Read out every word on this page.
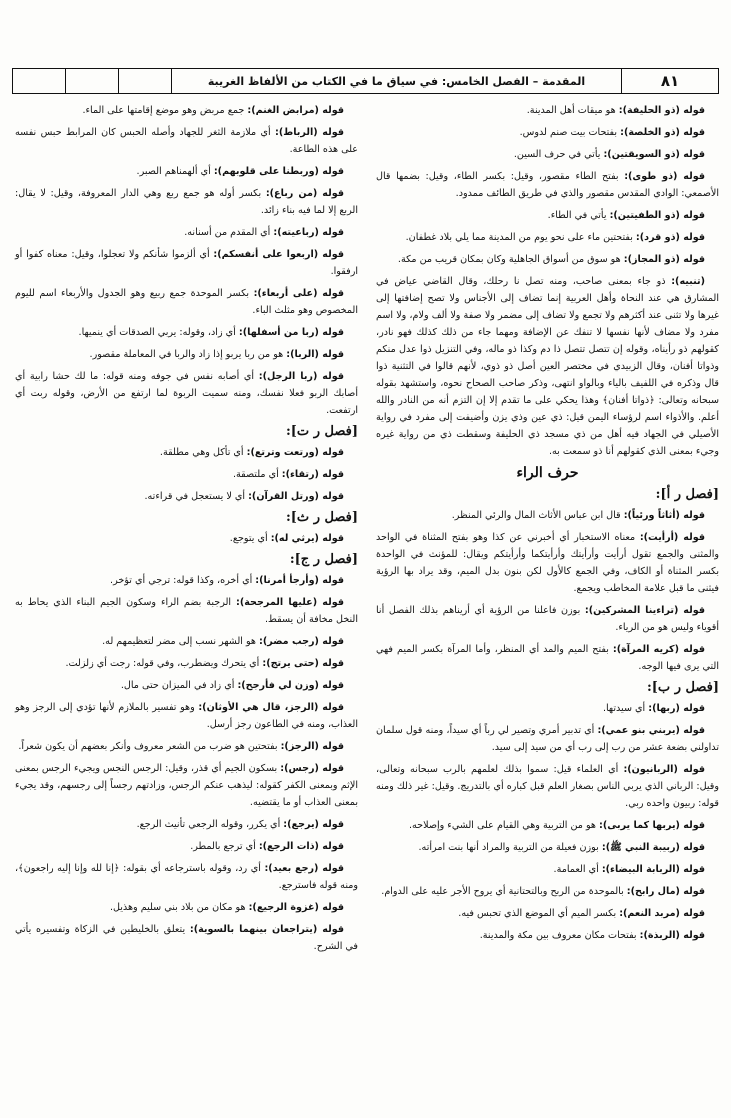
٨١
المقدمة – الفصل الخامس: في سياق ما في الكتاب من الألفاظ الغريبة

قوله (ذو الحليفة): هو ميقات أهل المدينة.

قوله (ذو الخلصة): بفتحات بيت صنم لدوس.

قوله (ذو السويقتين): يأتي في حرف السين.

قوله (ذو طوى): بفتح الطاء مقصور، وقيل: بكسر الطاء، وقيل: بضمها قال الأصمعي: الوادي المقدس مقصور والذي في طريق الطائف ممدود.

قوله (ذو الطفيتين): يأتي في الطاء.

قوله (ذو قرد): بفتحتين ماء على نحو يوم من المدينة مما يلي بلاد غطفان.

قوله (ذو المجاز): هو سوق من أسواق الجاهلية وكان بمكان قريب من مكة.

(تنبيه): ذو جاء بمعنى صاحب، ومنه تصل نا رحلك، وقال القاضي عياض في المشارق هي عند النحاة وأهل العربية إنما تضاف إلى الأجناس ولا تصح إضافتها إلى غيرها ولا تثنى عند أكثرهم ولا تجمع ولا تضاف إلى مضمر ولا صفة ولا ألف ولام، ولا اسم مفرد ولا مضاف لأنها نفسها لا تنفك عن الإضافة ومهما جاء من ذلك كذلك فهو نادر، كقولهم ذو رأيناه، وقوله إن تتصل تتصل ذا دم وكذا ذو ماله، وفي التنزيل ذوا عدل منكم وذواتا أفنان، وقال الزبيدي في مختصر العين أصل ذو ذوي، لأنهم قالوا في التثنية ذوا قال وذكره في اللفيف بالياء وبالواو انتهى، وذكر صاحب الصحاح نحوه، واستشهد بقوله سبحانه وتعالى: ﴿ذواتا أفنان﴾ وهذا يحكي على ما تقدم إلا إن التزم أنه من النادر والله أعلم. والأذواء اسم لرؤساء اليمن قيل: ذي عين وذي يزن وأضيفت إلى مفرد في رواية الأصيلي في الجهاد فيه أهل من ذي مسجد ذي الحليفة وسقطت ذي من رواية غيره وجيء بمعنى الذي كقولهم أنا ذو سمعت به.

حرف الراء
[فصل ر أ]:

قوله (أثاثاً ورئياً): قال ابن عباس الأثاث المال والرئي المنظر.

قوله (أرأيت): معناه الاستخبار أي أخبرني عن كذا وهو بفتح المثناة في الواحد والمثنى والجمع تقول أرأيت وأرأيتك وأرأيتكما وأرأيتكم ويقال: للمؤنث في الواحدة بكسر المثناة أو الكاف، وفي الجمع كالأول لكن بنون بدل الميم، وقد يراد بها الرؤية فيثنى ما قبل علامة المخاطب ويجمع.

قوله (تراءينا المشركين): بوزن فاعلنا من الرؤية أي أريناهم بذلك الفصل أنا أقوياء وليس هو من الرياء.

قوله (كريه المرآة): بفتح الميم والمد أي المنظر، وأما المرآة بكسر الميم فهي التي يرى فيها الوجه.

[فصل ر ب]:

قوله (ربها): أي سيدتها.

قوله (يربني بنو عمي): أي تدبير أمري وتصير لي رباً أي سيداً، ومنه قول سلمان تداولني بضعة عشر من رب إلى رب أي من سيد إلى سيد.

قوله (الربانيون): أي العلماء قيل: سموا بذلك لعلمهم بالرب سبحانه وتعالى، وقيل: الرباني الذي يربي الناس بصغار العلم قبل كباره أي بالتدريج. وقيل: غير ذلك ومنه قوله: ربيون واحده ربي.

قوله (يربها كما يربى): هو من التربية وهي القيام على الشيء وإصلاحه.

قوله (ربيبة النبي ﷺ): بوزن فعيلة من التربية والمراد أنها بنت امرأته.

قوله (الربابة البيضاء): أي العمامة.

قوله (مال رابح): بالموحدة من الربح وبالتحتانية أي يروح الأجر عليه على الدوام.

قوله (مربد النعم): بكسر الميم أي الموضع الذي تحبس فيه.

قوله (الربذة): بفتحات مكان معروف بين مكة والمدينة.

قوله (مرابض الغنم): جمع مربض وهو موضع إقامتها على الماء.

قوله (الرباط): أي ملازمة الثغر للجهاد وأصله الحبس كان المرابط حبس نفسه على هذه الطاعة.

قوله (وربطنا على قلوبهم): أي ألهمناهم الصبر.

قوله (من رباع): بكسر أوله هو جمع ربع وهي الدار المعروفة، وقيل: لا يقال: الربع إلا لما فيه بناء زائد.

قوله (رباعيته): أي المقدم من أسنانه.

قوله (اربعوا على أنفسكم): أي ألزموا شأنكم ولا تعجلوا، وقيل: معناه كفوا أو ارفقوا.

قوله (على أربعاء): بكسر الموحدة جمع ربيع وهو الجدول والأربعاء اسم لليوم المخصوص وهو مثلث الباء.

قوله (ربا من أسفلها): أي زاد، وقوله: يربي الصدقات أي ينميها.

قوله (الربا): هو من ربا يربو إذا زاد والربا في المعاملة مقصور.

قوله (ربا الرجل): أي أصابه نفس في جوفه ومنه قوله: ما لك حشا رابية أي أصابك الربو فعلا نفسك، ومنه سميت الربوة لما ارتفع من الأرض، وقوله ربت أي ارتفعت.

[فصل ر ت]:

قوله (ورتعت وترتع): أي تأكل وهي مطلقة.

قوله (رتقاء): أي ملتصقة.

قوله (ورتل القرآن): أي لا يستعجل في قراءته.

[فصل ر ث]:

قوله (يرثي له): أي يتوجع.

[فصل ر ج]:

قوله (وأرجأ أمرنا): أي أخره، وكذا قوله: ترجي أي تؤخر.

قوله (عليها المرجحة): الرجبة بضم الراء وسكون الجيم البناء الذي يحاط به النخل مخافة أن يسقط.

قوله (رجب مضر): هو الشهر نسب إلى مضر لتعظيمهم له.

قوله (حتى يرتج): أي يتحرك ويضطرب، وفي قوله: رجت أي زلزلت.

قوله (وزن لي فأرجح): أي زاد في الميزان حتى مال.

قوله (الرجز، قال هي الأوثان): وهو تفسير بالملازم لأنها تؤدي إلى الرجز وهو العذاب، ومنه في الطاعون رجز أرسل.

قوله (الرجز): بفتحتين هو ضرب من الشعر معروف وأنكر بعضهم أن يكون شعراً.

قوله (رجس): بسكون الجيم أي قذر، وقيل: الرجس النجس ويجيء الرجس بمعنى الإثم وبمعنى الكفر كقوله: ليذهب عنكم الرجس، وزادتهم رجساً إلى رجسهم، وقد يجيء بمعنى العذاب أو ما يقتضيه.

قوله (يرجع): أي يكرر، وقوله الرجعي تأنيث الرجع.

قوله (ذات الرجع): أي ترجع بالمطر.

قوله (رجع بعيد): أي رد، وقوله باسترجاعه أي بقوله: ﴿إنا لله وإنا إليه راجعون﴾، ومنه قوله فاسترجع.

قوله (غزوة الرجيع): هو مكان من بلاد بني سليم وهذيل.

قوله (يتراجعان بينهما بالسوية): يتعلق بالخليطين في الزكاة وتفسيره يأتي في الشرح.
